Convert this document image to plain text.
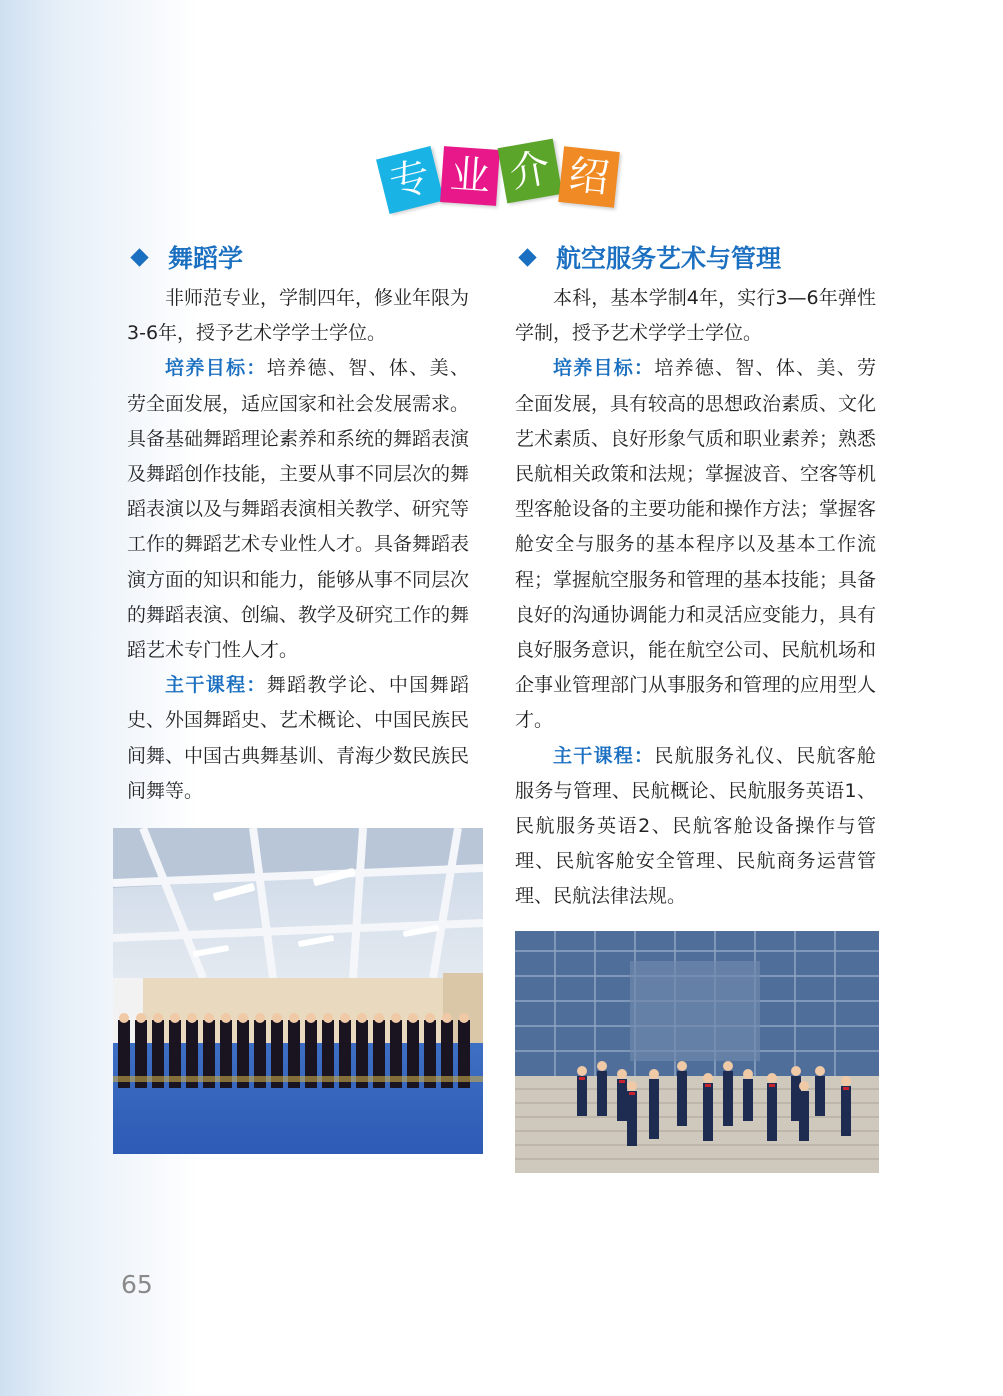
专 业 介 绍
舞蹈学

非师范专业，学制四年，修业年限为3-6年，授予艺术学学士学位。

培养目标：培养德、智、体、美、劳全面发展，适应国家和社会发展需求。具备基础舞蹈理论素养和系统的舞蹈表演及舞蹈创作技能，主要从事不同层次的舞蹈表演以及与舞蹈表演相关教学、研究等工作的舞蹈艺术专业性人才。具备舞蹈表演方面的知识和能力，能够从事不同层次的舞蹈表演、创编、教学及研究工作的舞蹈艺术专门性人才。

主干课程：舞蹈教学论、中国舞蹈史、外国舞蹈史、艺术概论、中国民族民间舞、中国古典舞基训、青海少数民族民间舞等。

航空服务艺术与管理

本科，基本学制4年，实行3—6年弹性学制，授予艺术学学士学位。

培养目标：培养德、智、体、美、劳全面发展，具有较高的思想政治素质、文化艺术素质、良好形象气质和职业素养；熟悉民航相关政策和法规；掌握波音、空客等机型客舱设备的主要功能和操作方法；掌握客舱安全与服务的基本程序以及基本工作流程；掌握航空服务和管理的基本技能；具备良好的沟通协调能力和灵活应变能力，具有良好服务意识，能在航空公司、民航机场和企事业管理部门从事服务和管理的应用型人才。

主干课程：民航服务礼仪、民航客舱服务与管理、民航概论、民航服务英语1、民航服务英语2、民航客舱设备操作与管理、民航客舱安全管理、民航商务运营管理、民航法律法规。

65
